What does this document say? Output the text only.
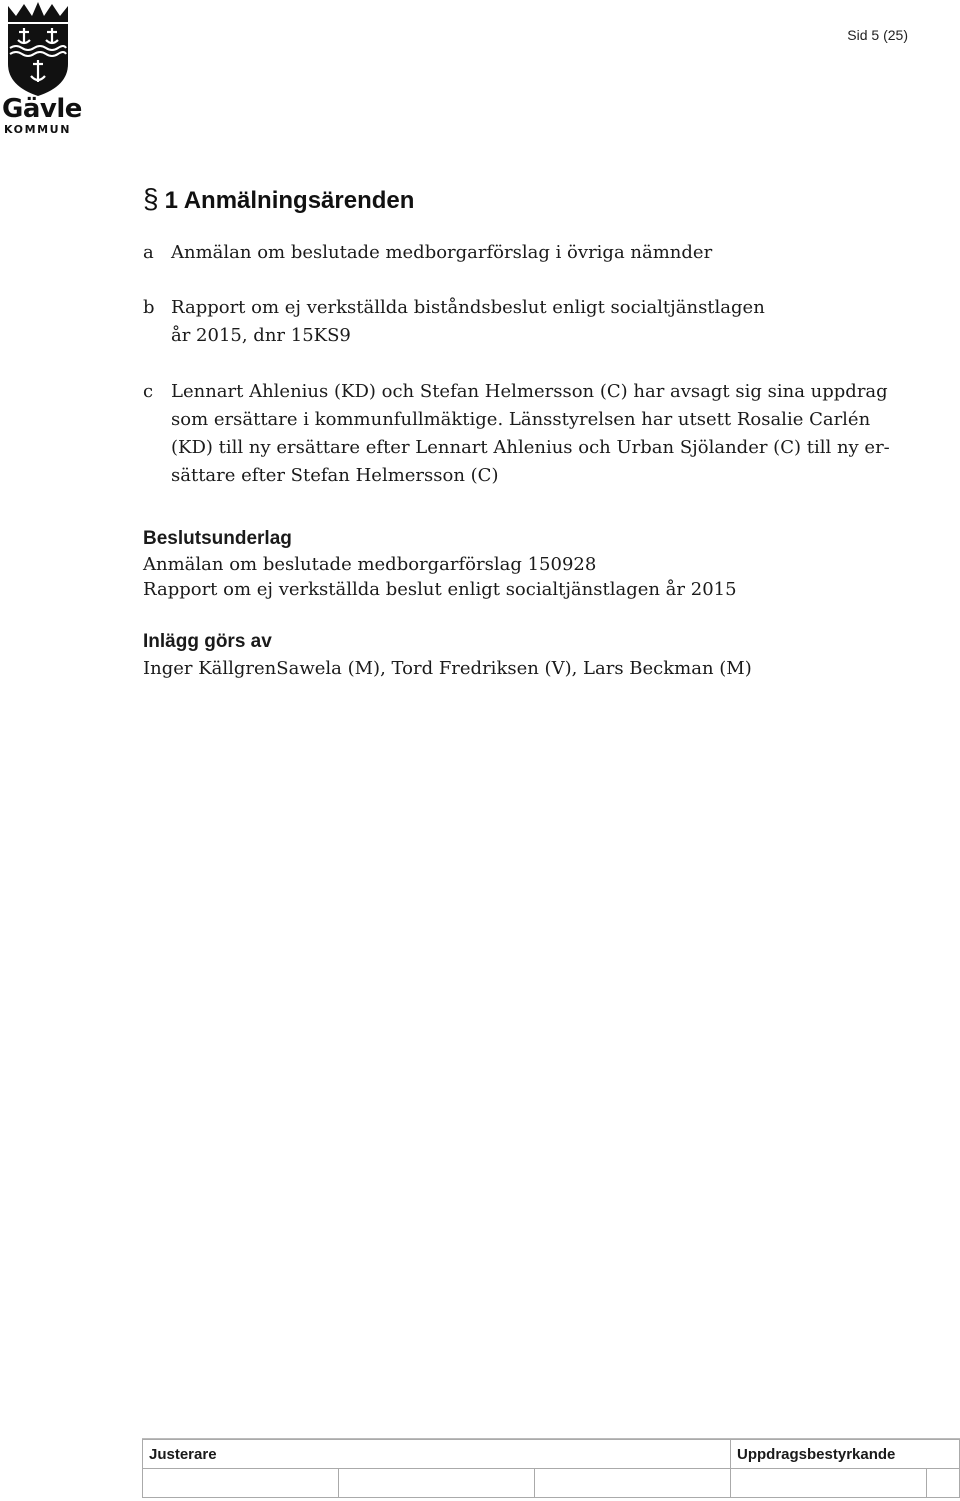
Gävle
KOMMUN
Sid 5 (25)
§ 1 Anmälningsärenden
a Anmälan om beslutade medborgarförslag i övriga nämnder
b Rapport om ej verkställda biståndsbeslut enligt socialtjänstlagen
år 2015, dnr 15KS9
c Lennart Ahlenius (KD) och Stefan Helmersson (C) har avsagt sig sina uppdrag
som ersättare i kommunfullmäktige. Länsstyrelsen har utsett Rosalie Carlén
(KD) till ny ersättare efter Lennart Ahlenius och Urban Sjölander (C) till ny er-
sättare efter Stefan Helmersson (C)
Beslutsunderlag
Anmälan om beslutade medborgarförslag 150928
Rapport om ej verkställda beslut enligt socialtjänstlagen år 2015
Inlägg görs av
Inger KällgrenSawela (M), Tord Fredriksen (V), Lars Beckman (M)
Justerare			Uppdragsbestyrkande	
